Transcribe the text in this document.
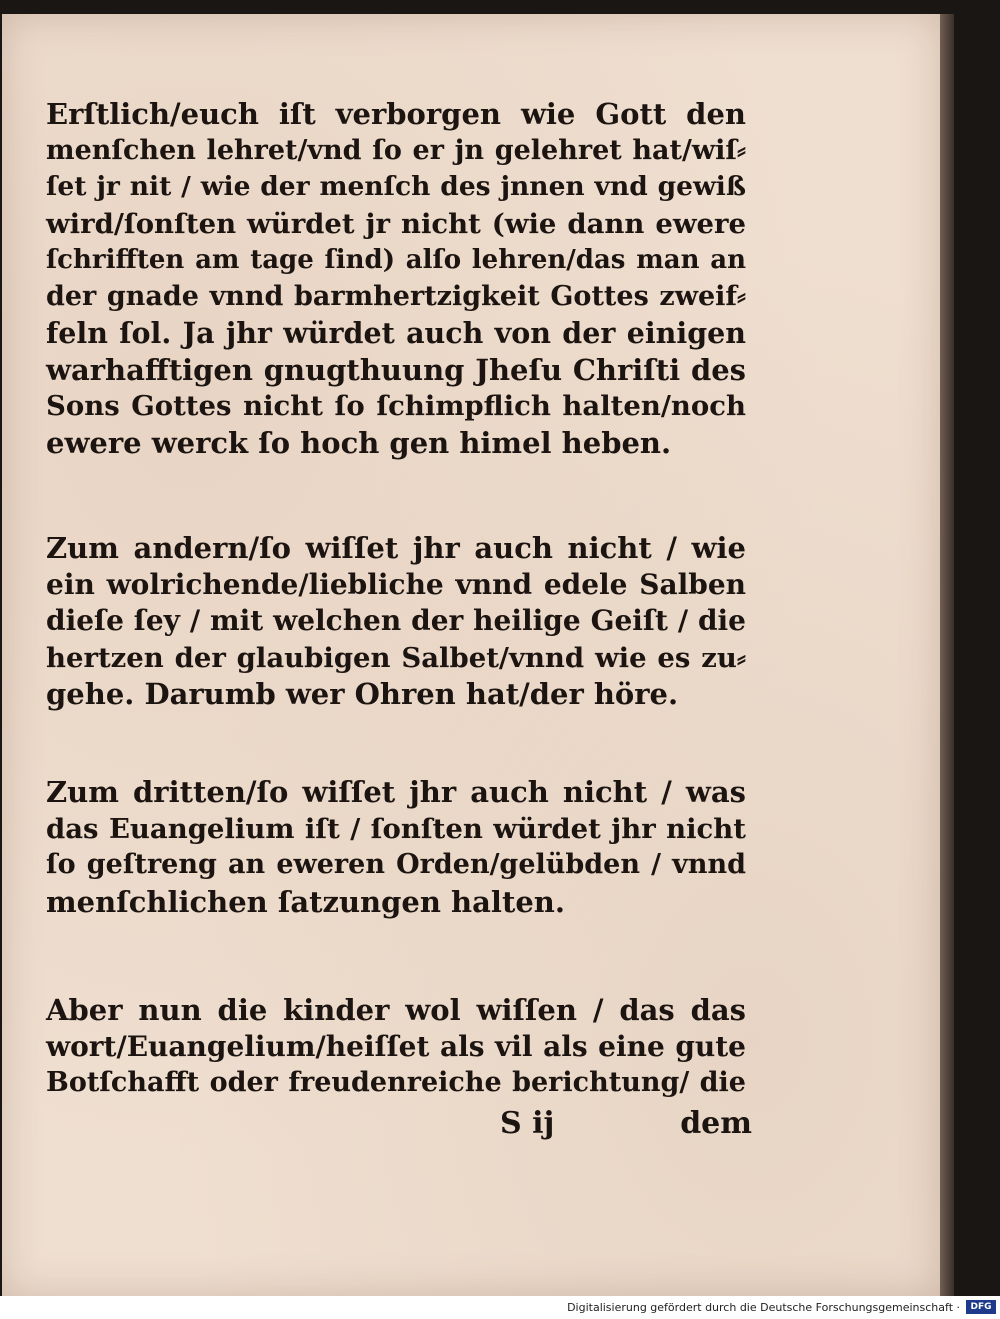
Erſtlich/euch iſt verborgen wie Gott den
menſchen lehret/vnd ſo er jn gelehret hat/wiſ⸗
ſet jr nit / wie der menſch des jnnen vnd gewiß
wird/ſonſten würdet jr nicht (wie dann ewere
ſchrifften am tage ſind) alſo lehren/das man an
der gnade vnnd barmhertzigkeit Gottes zweif⸗
feln ſol. Ja jhr würdet auch von der einigen
warhafftigen gnugthuung Jheſu Chriſti des
Sons Gottes nicht ſo ſchimpflich halten/noch
ewere werck ſo hoch gen himel heben.
Zum andern/ſo wiſſet jhr auch nicht / wie
ein wolrichende/liebliche vnnd edele Salben
dieſe ſey / mit welchen der heilige Geiſt / die
hertzen der glaubigen Salbet/vnnd wie es zu⸗
gehe. Darumb wer Ohren hat/der höre.
Zum dritten/ſo wiſſet jhr auch nicht / was
das Euangelium iſt / ſonſten würdet jhr nicht
ſo geſtreng an eweren Orden/gelübden / vnnd
menſchlichen ſatzungen halten.
Aber nun die kinder wol wiſſen / das das
wort/Euangelium/heiſſet als vil als eine gute
Botſchafft oder freudenreiche berichtung/ die
S ij	dem
Digitalisierung gefördert durch die Deutsche Forschungsgemeinschaft ·	DFG
